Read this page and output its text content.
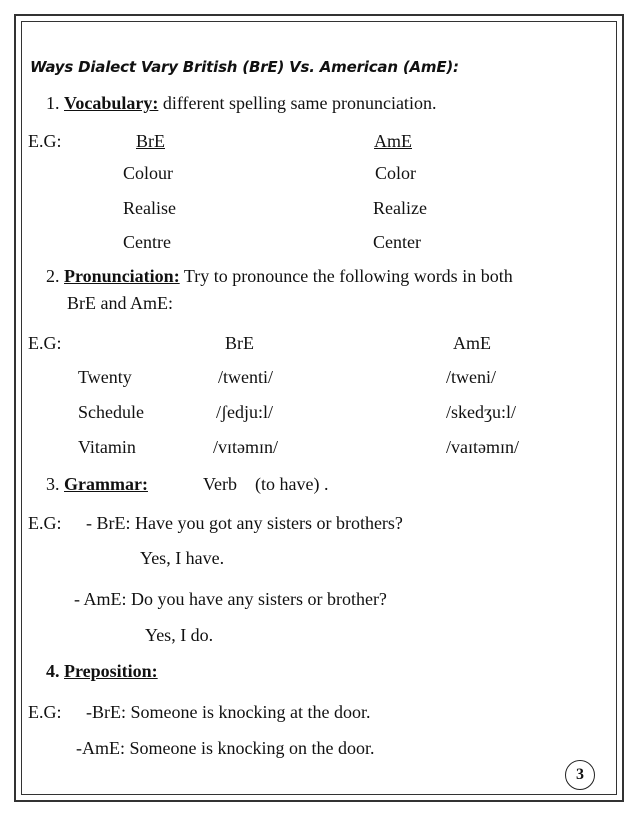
Ways Dialect Vary British (BrE) Vs. American (AmE):
1. Vocabulary: different spelling same pronunciation.
E.G:	BrE	AmE
Colour	Color
Realise	Realize
Centre	Center
2. Pronunciation: Try to pronounce the following words in both
BrE and AmE:
E.G:	BrE	AmE
Twenty	/twenti/	/tweni/
Schedule	/ʃedju:l/	/skedʒu:l/
Vitamin	/vɪtəmɪn/	/vaɪtəmɪn/
3. Grammar:	Verb    (to have) .
E.G: - BrE: Have you got any sisters or brothers?
Yes, I have.
- AmE: Do you have any sisters or brother?
Yes, I do.
4. Preposition:
E.G: -BrE: Someone is knocking at the door.
-AmE: Someone is knocking on the door.
3
